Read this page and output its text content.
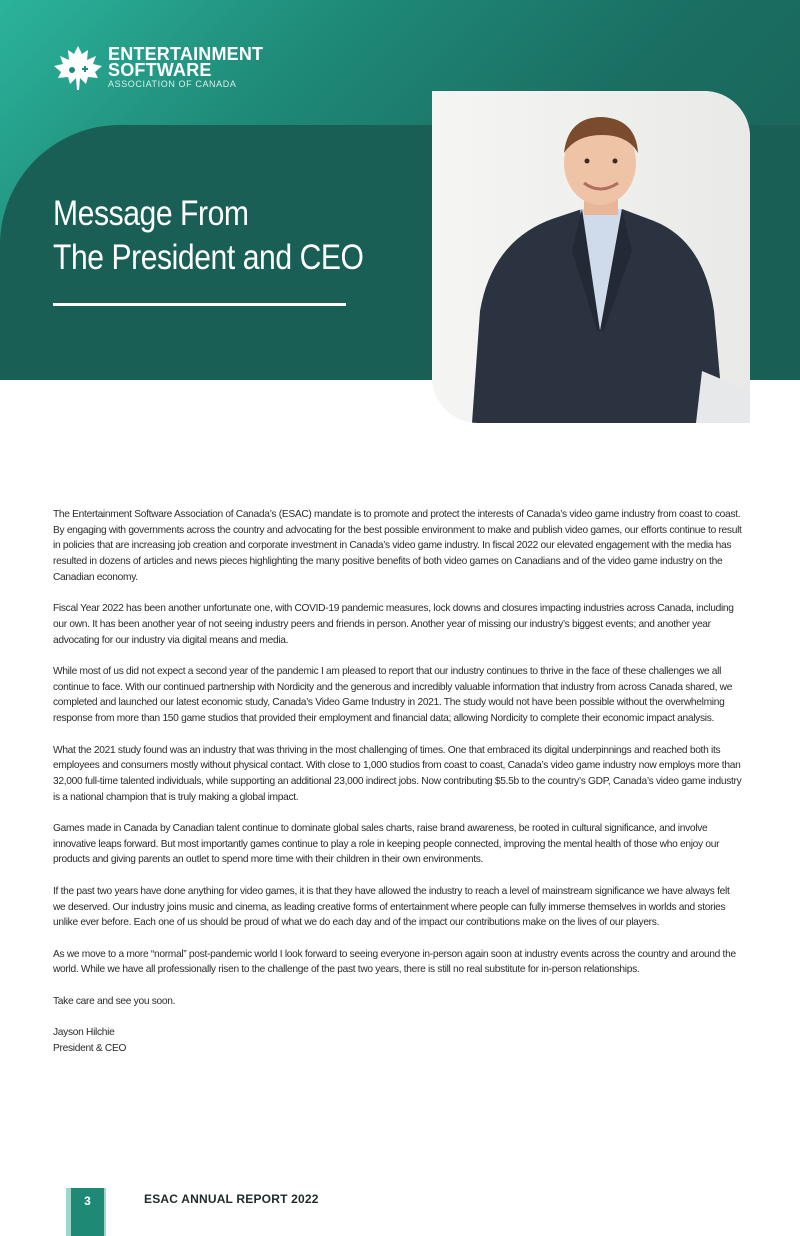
ENTERTAINMENT
SOFTWARE
ASSOCIATION OF CANADA
Message From
The President and CEO

The Entertainment Software Association of Canada’s (ESAC) mandate is to promote and protect the interests of Canada’s video game industry from coast to coast. By engaging with governments across the country and advocating for the best possible environment to make and publish video games, our efforts continue to result in policies that are increasing job creation and corporate investment in Canada’s video game industry. In fiscal 2022 our elevated engagement with the media has resulted in dozens of articles and news pieces highlighting the many positive benefits of both video games on Canadians and of the video game industry on the Canadian economy.

Fiscal Year 2022 has been another unfortunate one, with COVID-19 pandemic measures, lock downs and closures impacting industries across Canada, including our own. It has been another year of not seeing industry peers and friends in person. Another year of missing our industry’s biggest events; and another year advocating for our industry via digital means and media.

While most of us did not expect a second year of the pandemic I am pleased to report that our industry continues to thrive in the face of these challenges we all continue to face. With our continued partnership with Nordicity and the generous and incredibly valuable information that industry from across Canada shared, we completed and launched our latest economic study, Canada’s Video Game Industry in 2021. The study would not have been possible without the overwhelming response from more than 150 game studios that provided their employment and financial data; allowing Nordicity to complete their economic impact analysis.

What the 2021 study found was an industry that was thriving in the most challenging of times. One that embraced its digital underpinnings and reached both its employees and consumers mostly without physical contact. With close to 1,000 studios from coast to coast, Canada’s video game industry now employs more than 32,000 full-time talented individuals, while supporting an additional 23,000 indirect jobs. Now contributing $5.5b to the country’s GDP, Canada’s video game industry is a national champion that is truly making a global impact.

Games made in Canada by Canadian talent continue to dominate global sales charts, raise brand awareness, be rooted in cultural significance, and involve innovative leaps forward. But most importantly games continue to play a role in keeping people connected, improving the mental health of those who enjoy our products and giving parents an outlet to spend more time with their children in their own environments.

If the past two years have done anything for video games, it is that they have allowed the industry to reach a level of mainstream significance we have always felt we deserved. Our industry joins music and cinema, as leading creative forms of entertainment where people can fully immerse themselves in worlds and stories unlike ever before. Each one of us should be proud of what we do each day and of the impact our contributions make on the lives of our players.

As we move to a more “normal” post-pandemic world I look forward to seeing everyone in-person again soon at industry events across the country and around the world. While we have all professionally risen to the challenge of the past two years, there is still no real substitute for in-person relationships.

Take care and see you soon.

Jayson Hilchie
President & CEO
3	ESAC ANNUAL REPORT 2022
